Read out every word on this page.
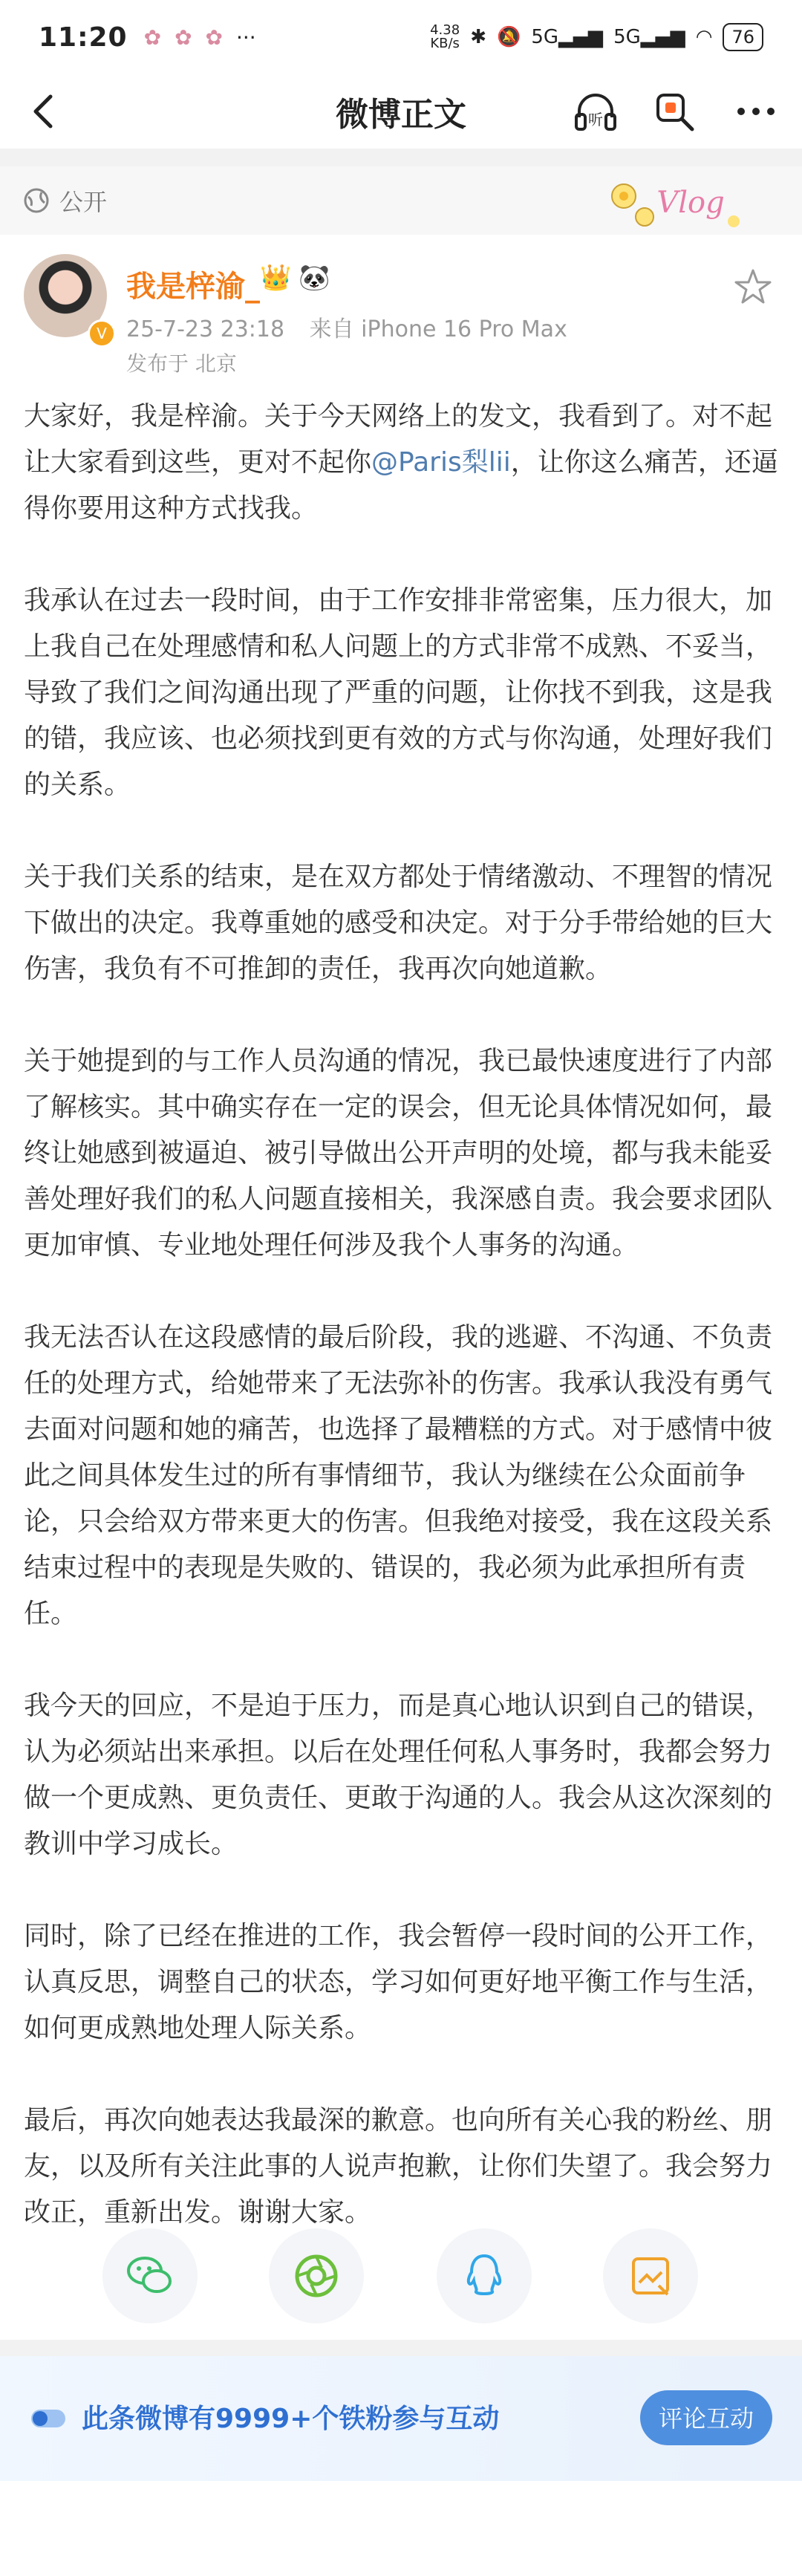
11:20 ✿ ✿ ✿ ···	4.38
KB/s ✱ 🔕 5G▂▄▆ 5G▂▄▆ ◠	76
微博正文	听
公开	Vlog
V
我是梓渝_ 👑 🐼
25-7-23 23:18 来自 iPhone 16 Pro Max
发布于 北京

大家好，我是梓渝。关于今天网络上的发文，我看到了。对不起让大家看到这些，更对不起你@Paris梨lii，让你这么痛苦，还逼得你要用这种方式找我。

我承认在过去一段时间，由于工作安排非常密集，压力很大，加上我自己在处理感情和私人问题上的方式非常不成熟、不妥当，导致了我们之间沟通出现了严重的问题，让你找不到我，这是我的错，我应该、也必须找到更有效的方式与你沟通，处理好我们的关系。

关于我们关系的结束，是在双方都处于情绪激动、不理智的情况下做出的决定。我尊重她的感受和决定。对于分手带给她的巨大伤害，我负有不可推卸的责任，我再次向她道歉。

关于她提到的与工作人员沟通的情况，我已最快速度进行了内部了解核实。其中确实存在一定的误会，但无论具体情况如何，最终让她感到被逼迫、被引导做出公开声明的处境，都与我未能妥善处理好我们的私人问题直接相关，我深感自责。我会要求团队更加审慎、专业地处理任何涉及我个人事务的沟通。

我无法否认在这段感情的最后阶段，我的逃避、不沟通、不负责任的处理方式，给她带来了无法弥补的伤害。我承认我没有勇气去面对问题和她的痛苦，也选择了最糟糕的方式。对于感情中彼此之间具体发生过的所有事情细节，我认为继续在公众面前争论，只会给双方带来更大的伤害。但我绝对接受，我在这段关系结束过程中的表现是失败的、错误的，我必须为此承担所有责任。

我今天的回应，不是迫于压力，而是真心地认识到自己的错误，认为必须站出来承担。以后在处理任何私人事务时，我都会努力做一个更成熟、更负责任、更敢于沟通的人。我会从这次深刻的教训中学习成长。

同时，除了已经在推进的工作，我会暂停一段时间的公开工作，认真反思，调整自己的状态，学习如何更好地平衡工作与生活，如何更成熟地处理人际关系。

最后，再次向她表达我最深的歉意。也向所有关心我的粉丝、朋友，以及所有关注此事的人说声抱歉，让你们失望了。我会努力改正，重新出发。谢谢大家。

此条微博有9999+个铁粉参与互动	评论互动
